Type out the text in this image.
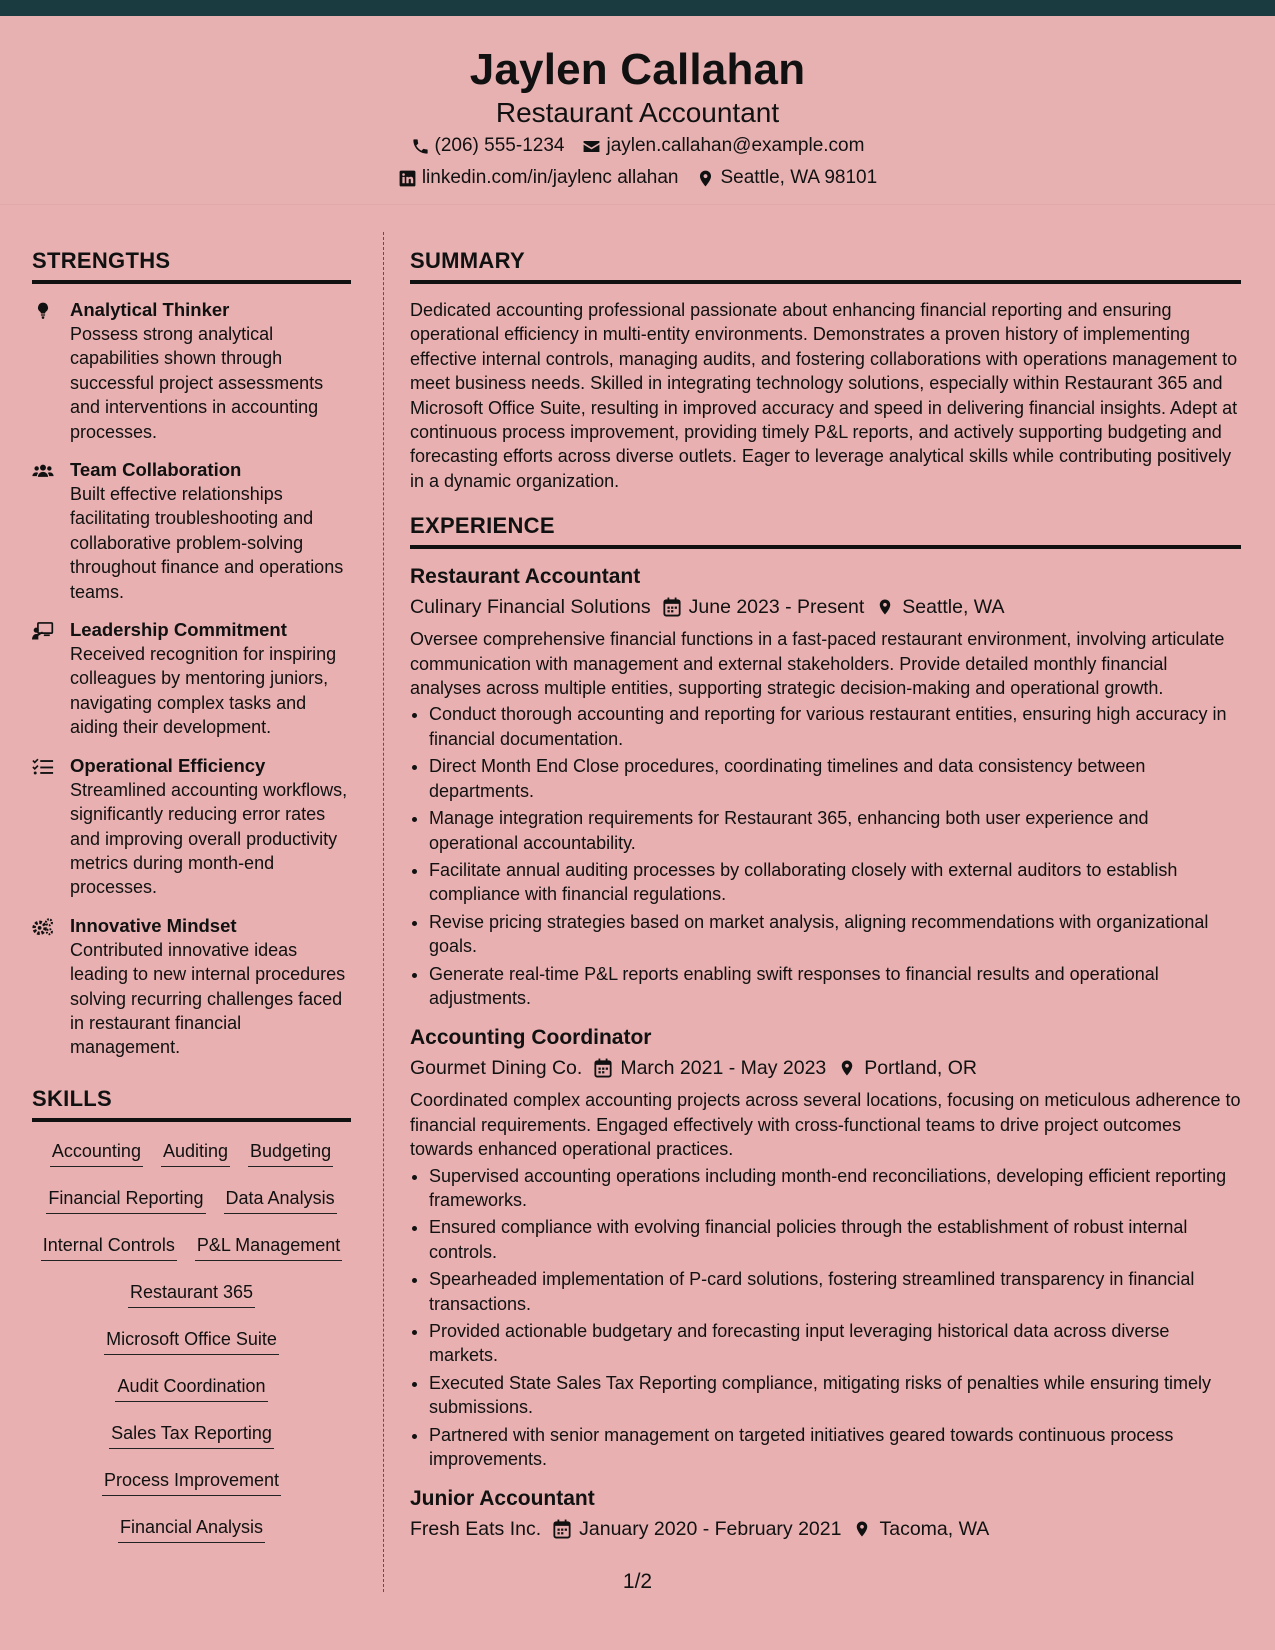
Jaylen Callahan
Restaurant Accountant
(206) 555-1234 jaylen.callahan@example.com
linkedin.com/in/jaylenc allahan Seattle, WA 98101
STRENGTHS
Analytical Thinker
Possess strong analytical capabilities shown through successful project assessments and interventions in accounting processes.
Team Collaboration
Built effective relationships facilitating troubleshooting and collaborative problem-solving throughout finance and operations teams.
Leadership Commitment
Received recognition for inspiring colleagues by mentoring juniors, navigating complex tasks and aiding their development.
Operational Efficiency
Streamlined accounting workflows, significantly reducing error rates and improving overall productivity metrics during month-end processes.
Innovative Mindset
Contributed innovative ideas leading to new internal procedures solving recurring challenges faced in restaurant financial management.
SKILLS
Accounting Auditing Budgeting
Financial Reporting Data Analysis
Internal Controls P&L Management
Restaurant 365
Microsoft Office Suite
Audit Coordination
Sales Tax Reporting
Process Improvement
Financial Analysis
SUMMARY

Dedicated accounting professional passionate about enhancing financial reporting and ensuring operational efficiency in multi-entity environments. Demonstrates a proven history of implementing effective internal controls, managing audits, and fostering collaborations with operations management to meet business needs. Skilled in integrating technology solutions, especially within Restaurant 365 and Microsoft Office Suite, resulting in improved accuracy and speed in delivering financial insights. Adept at continuous process improvement, providing timely P&L reports, and actively supporting budgeting and forecasting efforts across diverse outlets. Eager to leverage analytical skills while contributing positively in a dynamic organization.

EXPERIENCE
Restaurant Accountant
Culinary Financial Solutions June 2023 - Present Seattle, WA

Oversee comprehensive financial functions in a fast-paced restaurant environment, involving articulate communication with management and external stakeholders. Provide detailed monthly financial analyses across multiple entities, supporting strategic decision-making and operational growth.

• Conduct thorough accounting and reporting for various restaurant entities, ensuring high accuracy in financial documentation.
• Direct Month End Close procedures, coordinating timelines and data consistency between departments.
• Manage integration requirements for Restaurant 365, enhancing both user experience and operational accountability.
• Facilitate annual auditing processes by collaborating closely with external auditors to establish compliance with financial regulations.
• Revise pricing strategies based on market analysis, aligning recommendations with organizational goals.
• Generate real-time P&L reports enabling swift responses to financial results and operational adjustments.
Accounting Coordinator
Gourmet Dining Co. March 2021 - May 2023 Portland, OR

Coordinated complex accounting projects across several locations, focusing on meticulous adherence to financial requirements. Engaged effectively with cross-functional teams to drive project outcomes towards enhanced operational practices.

• Supervised accounting operations including month-end reconciliations, developing efficient reporting frameworks.
• Ensured compliance with evolving financial policies through the establishment of robust internal controls.
• Spearheaded implementation of P-card solutions, fostering streamlined transparency in financial transactions.
• Provided actionable budgetary and forecasting input leveraging historical data across diverse markets.
• Executed State Sales Tax Reporting compliance, mitigating risks of penalties while ensuring timely submissions.
• Partnered with senior management on targeted initiatives geared towards continuous process improvements.
Junior Accountant
Fresh Eats Inc. January 2020 - February 2021 Tacoma, WA
1/2
